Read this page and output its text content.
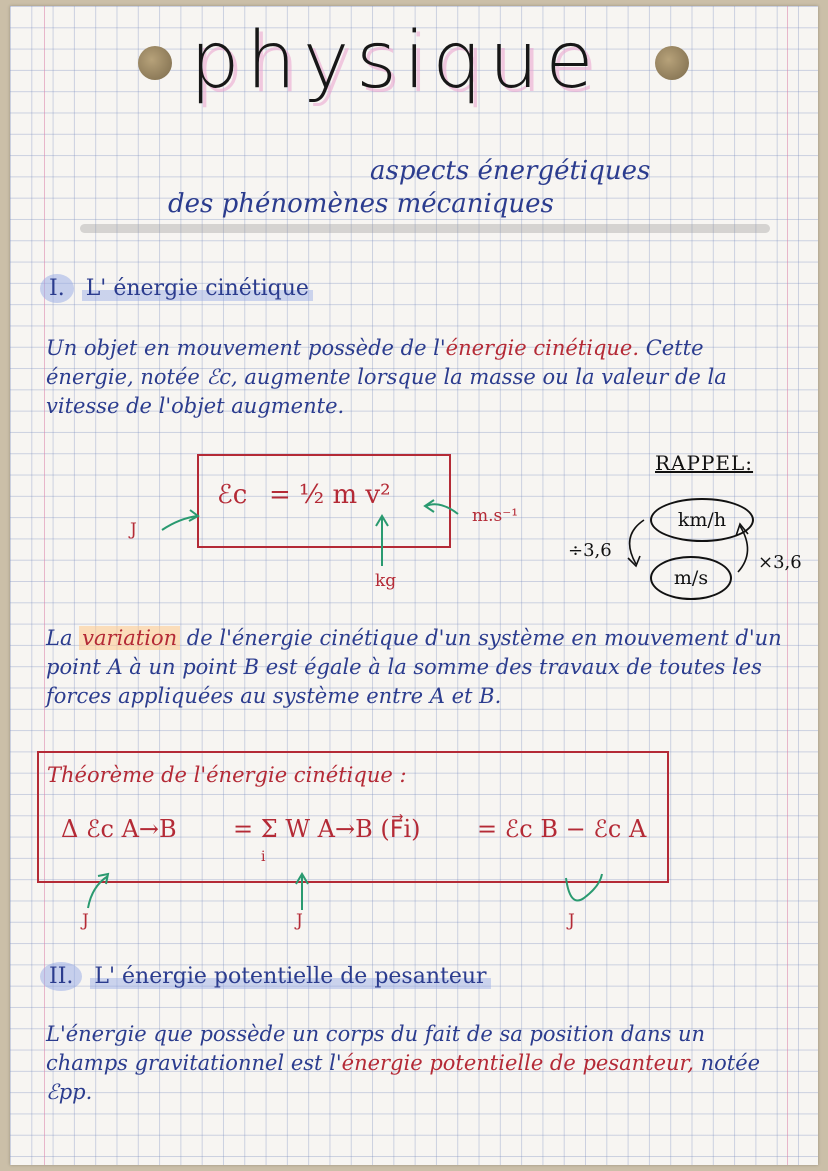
physique
aspects énergétiques
des phénomènes mécaniques
I. L' énergie cinétique
Un objet en mouvement possède de l'énergie cinétique. Cette énergie, notée ℰc, augmente lorsque la masse ou la valeur de la vitesse de l'objet augmente.
ℰc = ½ m v²
J
kg
m.s⁻¹
RAPPEL:
km/h
m/s
÷3,6
×3,6
La variation de l'énergie cinétique d'un système en mouvement d'un point A à un point B est égale à la somme des travaux de toutes les forces appliquées au système entre A et B.
Théorème de l'énergie cinétique :
Δ ℰc A→B = Σ W A→B (F⃗i)
i
= ℰc B − ℰc A
J	J	J
II. L' énergie potentielle de pesanteur
L'énergie que possède un corps du fait de sa position dans un champs gravitationnel est l'énergie potentielle de pesanteur, notée ℰpp.
